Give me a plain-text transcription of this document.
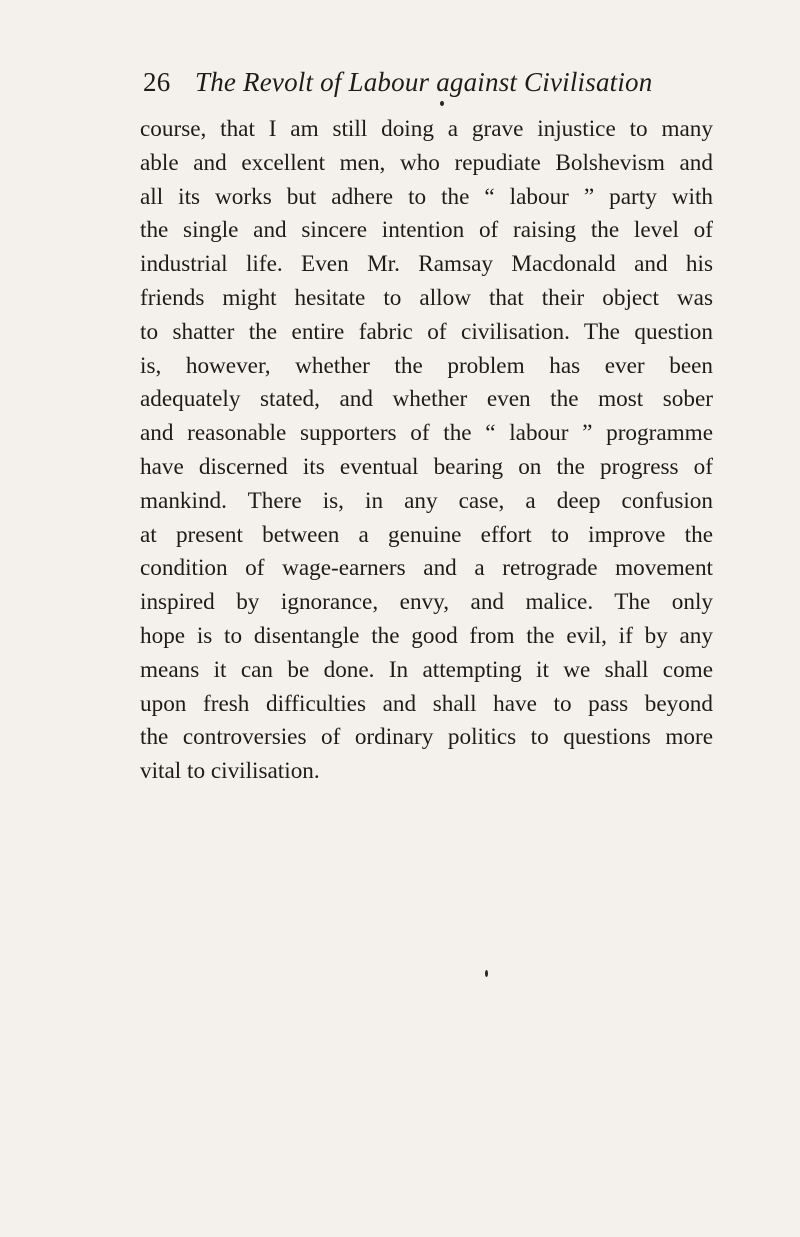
26 The Revolt of Labour against Civilisation
course, that I am still doing a grave injustice to many
able and excellent men, who repudiate Bolshevism and
all its works but adhere to the “ labour ” party with
the single and sincere intention of raising the level of
industrial life. Even Mr. Ramsay Macdonald and his
friends might hesitate to allow that their object was
to shatter the entire fabric of civilisation. The question
is, however, whether the problem has ever been
adequately stated, and whether even the most sober
and reasonable supporters of the “ labour ” programme
have discerned its eventual bearing on the progress of
mankind. There is, in any case, a deep confusion
at present between a genuine effort to improve the
condition of wage-earners and a retrograde movement
inspired by ignorance, envy, and malice. The only
hope is to disentangle the good from the evil, if by any
means it can be done. In attempting it we shall come
upon fresh difficulties and shall have to pass beyond
the controversies of ordinary politics to questions more
vital to civilisation.
